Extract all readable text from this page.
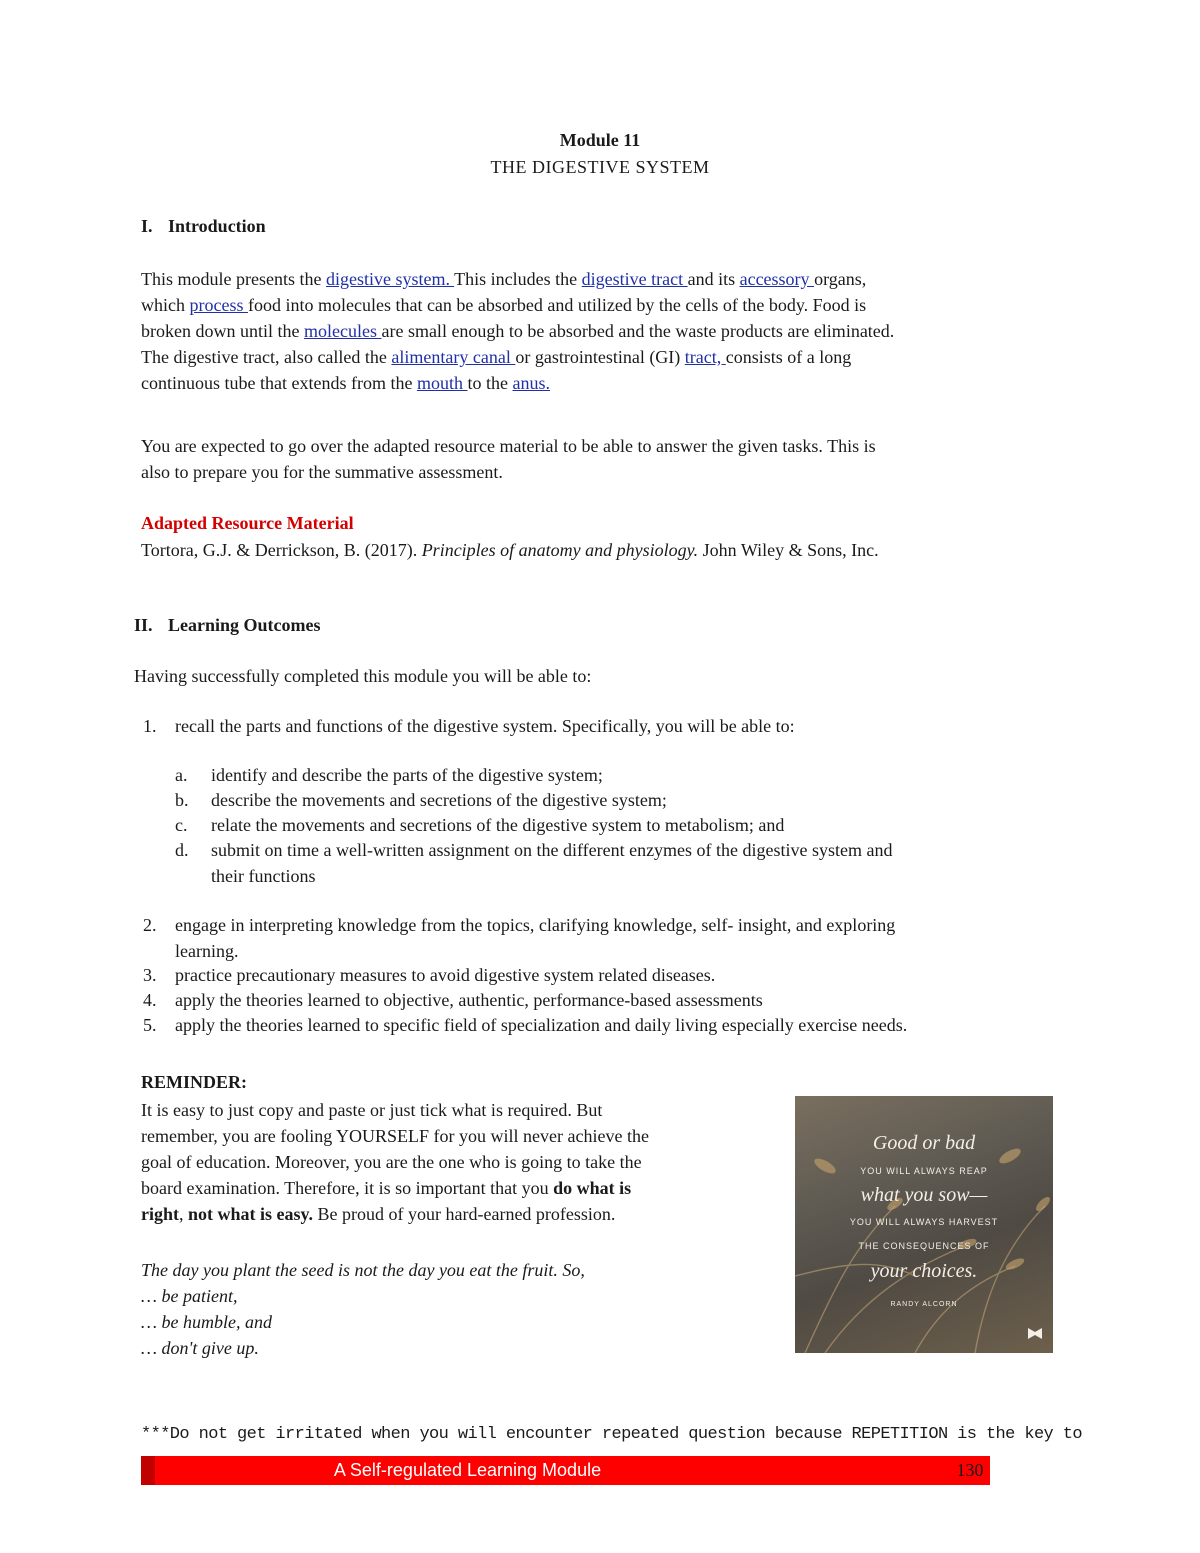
Module 11
THE DIGESTIVE SYSTEM
I. Introduction
This module presents the digestive system. This includes the digestive tract and its accessory organs,
which process food into molecules that can be absorbed and utilized by the cells of the body. Food is
broken down until the molecules are small enough to be absorbed and the waste products are eliminated.
The digestive tract, also called the alimentary canal or gastrointestinal (GI) tract, consists of a long
continuous tube that extends from the mouth to the anus.
You are expected to go over the adapted resource material to be able to answer the given tasks. This is
also to prepare you for the summative assessment.
Adapted Resource Material
Tortora, G.J. & Derrickson, B. (2017). Principles of anatomy and physiology. John Wiley & Sons, Inc.
II. Learning Outcomes
Having successfully completed this module you will be able to:
1. recall the parts and functions of the digestive system. Specifically, you will be able to:
a. identify and describe the parts of the digestive system;
b. describe the movements and secretions of the digestive system;
c. relate the movements and secretions of the digestive system to metabolism; and
d. submit on time a well-written assignment on the different enzymes of the digestive system and
their functions
2. engage in interpreting knowledge from the topics, clarifying knowledge, self- insight, and exploring
learning.
3. practice precautionary measures to avoid digestive system related diseases.
4. apply the theories learned to objective, authentic, performance-based assessments
5. apply the theories learned to specific field of specialization and daily living especially exercise needs.
REMINDER:
It is easy to just copy and paste or just tick what is required. But
remember, you are fooling YOURSELF for you will never achieve the
goal of education. Moreover, you are the one who is going to take the
board examination. Therefore, it is so important that you do what is
right, not what is easy. Be proud of your hard-earned profession.
The day you plant the seed is not the day you eat the fruit. So,
… be patient,
… be humble, and
… don't give up.
Good or bad
YOU WILL ALWAYS REAP
what you sow—
YOU WILL ALWAYS HARVEST
THE CONSEQUENCES OF
your choices.
RANDY ALCORN
***Do not get irritated when you will encounter repeated question because REPETITION is the key to
A Self-regulated Learning Module	130
